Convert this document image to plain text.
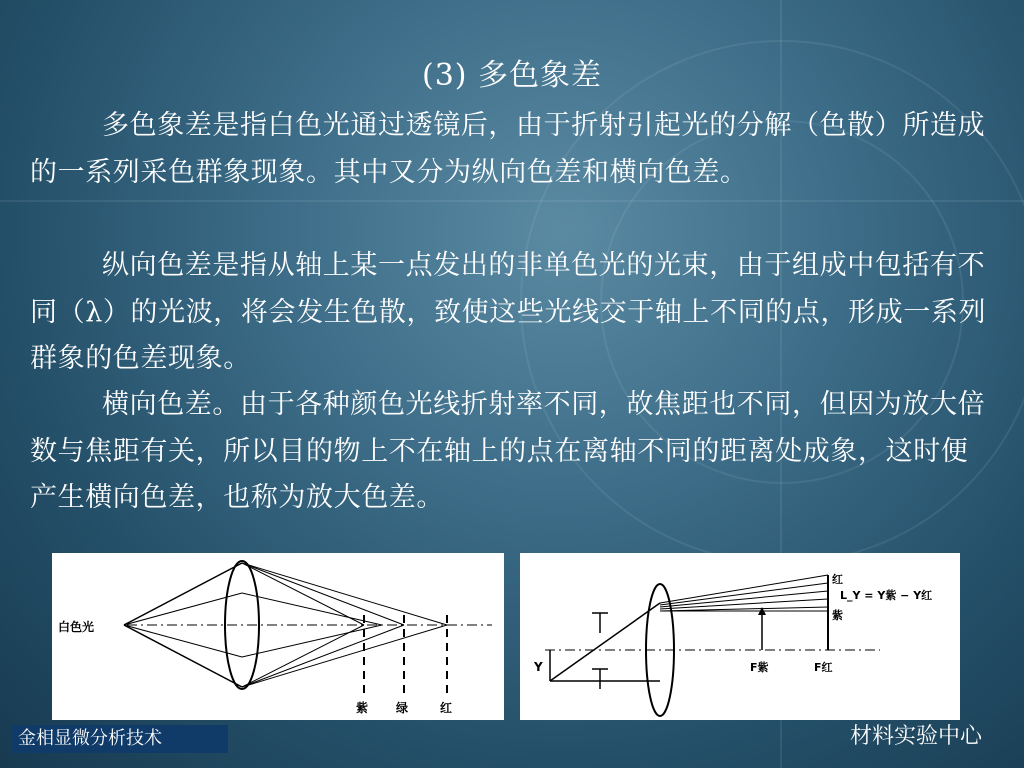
(3) 多色象差

多色象差是指白色光通过透镜后，由于折射引起光的分解（色散）所造成的一系列采色群象现象。其中又分为纵向色差和横向色差。

纵向色差是指从轴上某一点发出的非单色光的光束，由于组成中包括有不同（λ）的光波，将会发生色散，致使这些光线交于轴上不同的点，形成一系列群象的色差现象。

横向色差。由于各种颜色光线折射率不同，故焦距也不同，但因为放大倍数与焦距有关，所以目的物上不在轴上的点在离轴不同的距离处成象，这时便产生横向色差，也称为放大色差。

白色光
紫 绿	红
Y
红
紫
L_Y = Y紫 − Y红
F紫	F红
金相显微分析技术	材料实验中心
